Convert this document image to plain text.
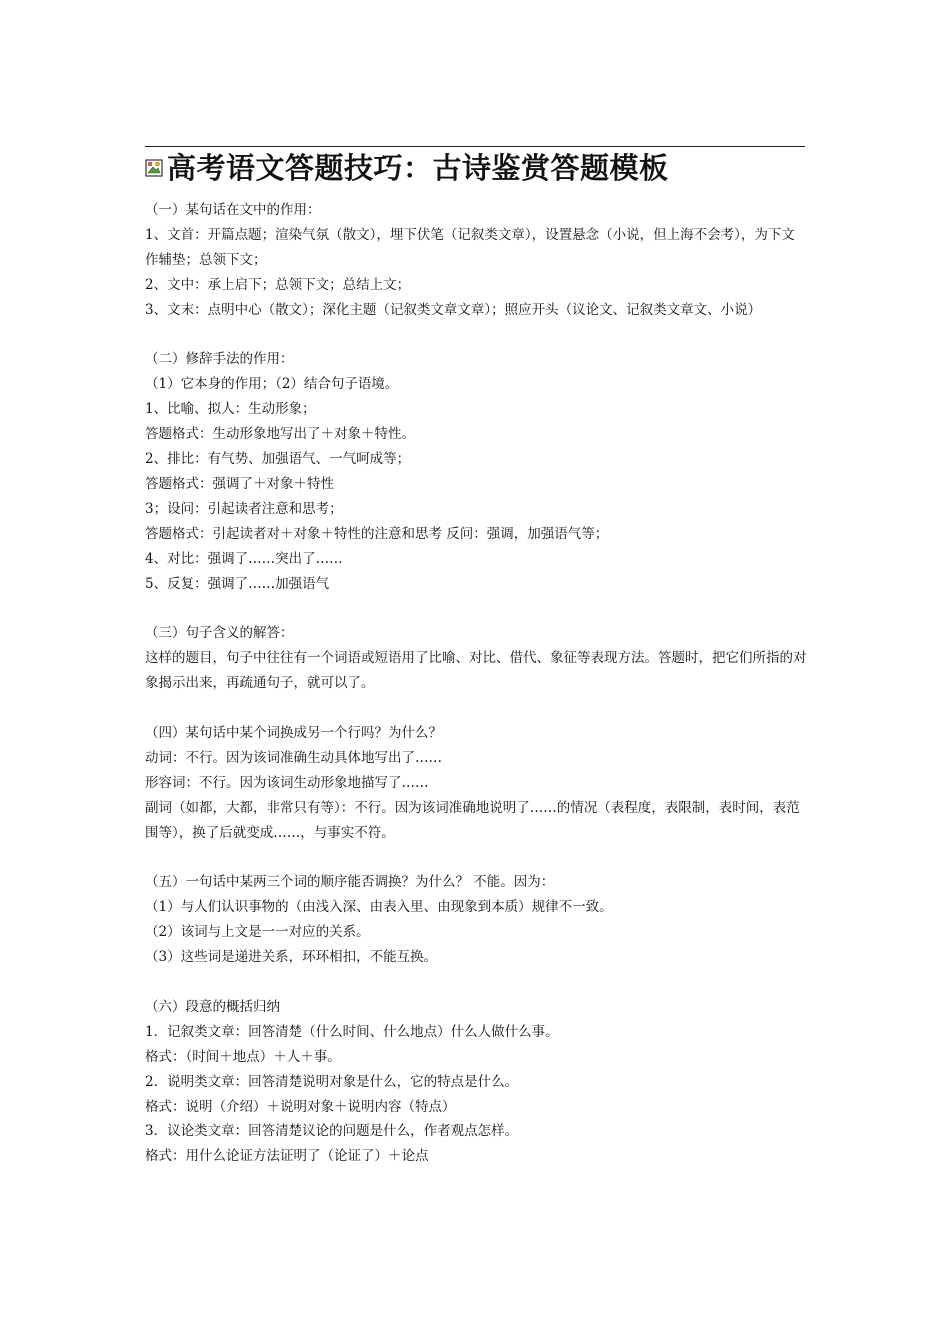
高考语文答题技巧：古诗鉴赏答题模板

（一）某句话在文中的作用：

1、文首：开篇点题；渲染气氛（散文），埋下伏笔（记叙类文章），设置悬念（小说，但上海不会考），为下文作辅垫；总领下文；

2、文中：承上启下；总领下文；总结上文；

3、文末：点明中心（散文）；深化主题（记叙类文章文章）；照应开头（议论文、记叙类文章文、小说）

（二）修辞手法的作用：

（1）它本身的作用；（2）结合句子语境。

1、比喻、拟人：生动形象；

答题格式：生动形象地写出了＋对象＋特性。

2、排比：有气势、加强语气、一气呵成等；

答题格式：强调了＋对象＋特性

3；设问：引起读者注意和思考；

答题格式：引起读者对＋对象＋特性的注意和思考 反问：强调，加强语气等；

4、对比：强调了……突出了……

5、反复：强调了……加强语气

（三）句子含义的解答：

这样的题目，句子中往往有一个词语或短语用了比喻、对比、借代、象征等表现方法。答题时，把它们所指的对象揭示出来，再疏通句子，就可以了。

（四）某句话中某个词换成另一个行吗？为什么？

动词：不行。因为该词准确生动具体地写出了……

形容词：不行。因为该词生动形象地描写了……

副词（如都，大都，非常只有等）：不行。因为该词准确地说明了……的情况（表程度，表限制，表时间，表范围等），换了后就变成……，与事实不符。

（五）一句话中某两三个词的顺序能否调换？为什么？ 不能。因为：

（1）与人们认识事物的（由浅入深、由表入里、由现象到本质）规律不一致。

（2）该词与上文是一一对应的关系。

（3）这些词是递进关系，环环相扣，不能互换。

（六）段意的概括归纳

1．记叙类文章：回答清楚（什么时间、什么地点）什么人做什么事。

格式：（时间＋地点）＋人＋事。

2．说明类文章：回答清楚说明对象是什么，它的特点是什么。

格式：说明（介绍）＋说明对象＋说明内容（特点）

3．议论类文章：回答清楚议论的问题是什么，作者观点怎样。

格式：用什么论证方法证明了（论证了）＋论点
